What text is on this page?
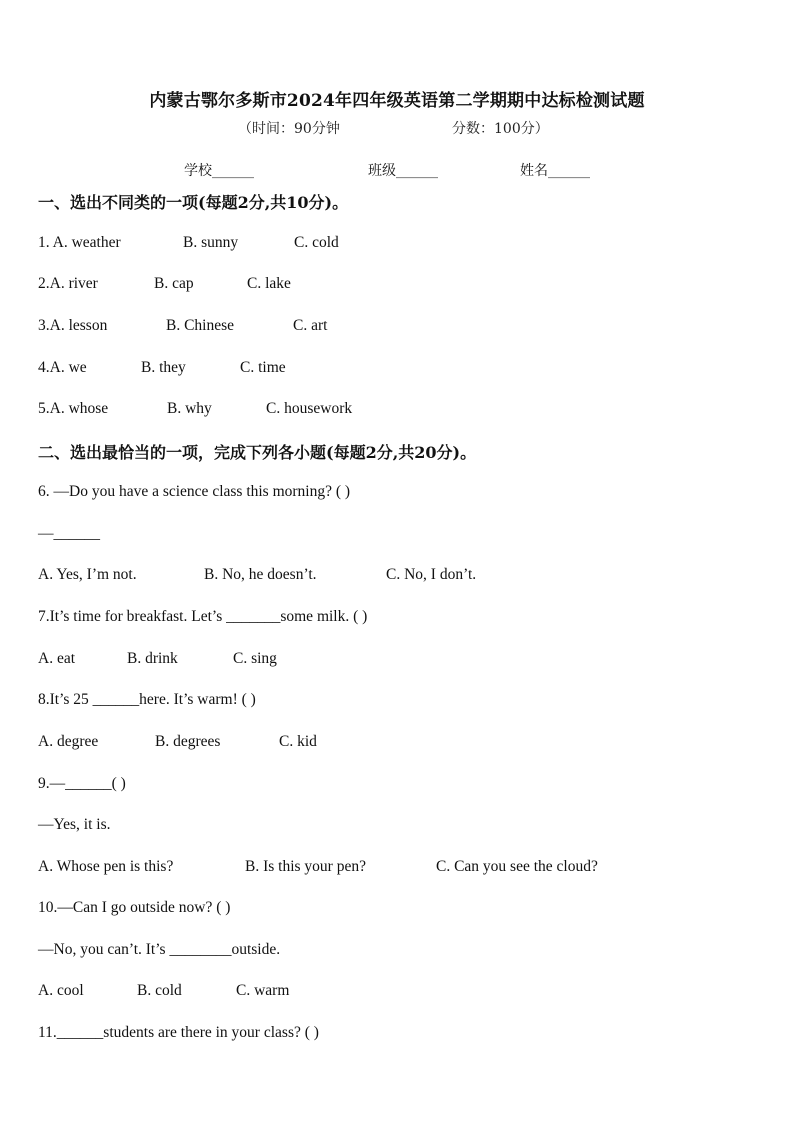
内蒙古鄂尔多斯市2024年四年级英语第二学期期中达标检测试题
（时间：90分钟	分数：100分）
学校______	班级______	姓名______
一、选出不同类的一项(每题2分,共10分)。
1. A. weather	B. sunny	C. cold
2.A. river	B. cap	C. lake
3.A. lesson	B. Chinese	C. art
4.A. we	B. they	C. time
5.A. whose	B. why	C. housework
二、选出最恰当的一项，完成下列各小题(每题2分,共20分)。
6. —Do you have a science class this morning? ( )
—______
A. Yes, I’m not.	B. No, he doesn’t.	C. No, I don’t.
7.It’s time for breakfast. Let’s _______some milk. ( )
A. eat	B. drink	C. sing
8.It’s 25 ______here. It’s warm! ( )
A. degree	B. degrees	C. kid
9.—______( )
—Yes, it is.
A. Whose pen is this?	B. Is this your pen?	C. Can you see the cloud?
10.—Can I go outside now? ( )
—No, you can’t. It’s ________outside.
A. cool	B. cold	C. warm
11.______students are there in your class? ( )
